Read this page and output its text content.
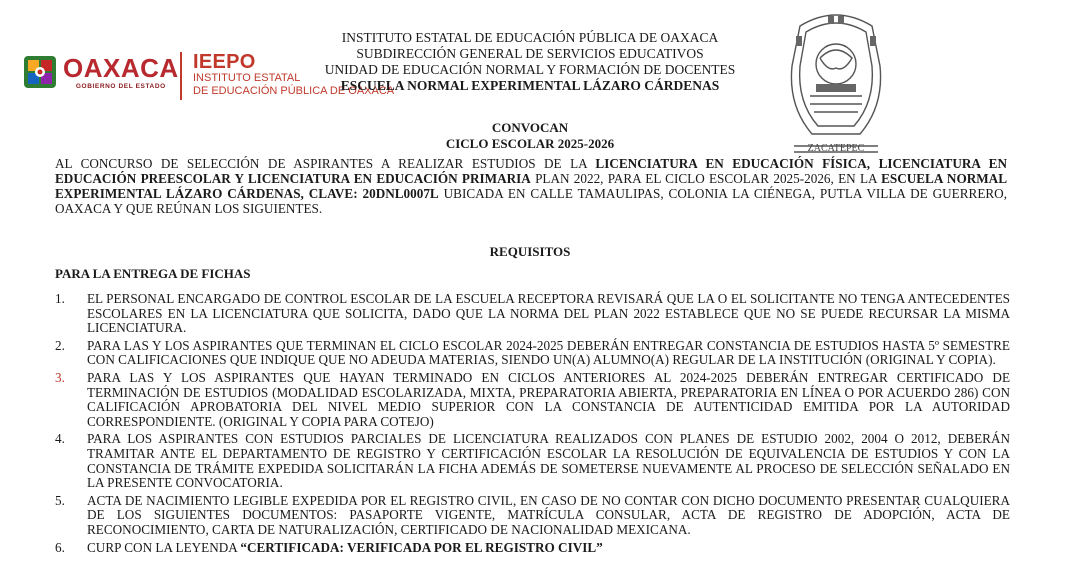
OAXACA
GOBIERNO DEL ESTADO
IEEPO
INSTITUTO ESTATAL
DE EDUCACIÓN PÚBLICA DE OAXACA
ZACATEPEC
INSTITUTO ESTATAL DE EDUCACIÓN PÚBLICA DE OAXACA
SUBDIRECCIÓN GENERAL DE SERVICIOS EDUCATIVOS
UNIDAD DE EDUCACIÓN NORMAL Y FORMACIÓN DE DOCENTES
ESCUELA NORMAL EXPERIMENTAL LÁZARO CÁRDENAS
CONVOCAN
CICLO ESCOLAR 2025-2026
AL CONCURSO DE SELECCIÓN DE ASPIRANTES A REALIZAR ESTUDIOS DE LA LICENCIATURA EN EDUCACIÓN FÍSICA, LICENCIATURA EN EDUCACIÓN PREESCOLAR Y LICENCIATURA EN EDUCACIÓN PRIMARIA PLAN 2022, PARA EL CICLO ESCOLAR 2025-2026, EN LA ESCUELA NORMAL EXPERIMENTAL LÁZARO CÁRDENAS, CLAVE: 20DNL0007L UBICADA EN CALLE TAMAULIPAS, COLONIA LA CIÉNEGA, PUTLA VILLA DE GUERRERO, OAXACA Y QUE REÚNAN LOS SIGUIENTES.
REQUISITOS
PARA LA ENTREGA DE FICHAS
1.	EL PERSONAL ENCARGADO DE CONTROL ESCOLAR DE LA ESCUELA RECEPTORA REVISARÁ QUE LA O EL SOLICITANTE NO TENGA ANTECEDENTES ESCOLARES EN LA LICENCIATURA QUE SOLICITA, DADO QUE LA NORMA DEL PLAN 2022 ESTABLECE QUE NO SE PUEDE RECURSAR LA MISMA LICENCIATURA.
2.	PARA LAS Y LOS ASPIRANTES QUE TERMINAN EL CICLO ESCOLAR 2024-2025 DEBERÁN ENTREGAR CONSTANCIA DE ESTUDIOS HASTA 5º SEMESTRE CON CALIFICACIONES QUE INDIQUE QUE NO ADEUDA MATERIAS, SIENDO UN(A) ALUMNO(A) REGULAR DE LA INSTITUCIÓN (ORIGINAL Y COPIA).
3.	PARA LAS Y LOS ASPIRANTES QUE HAYAN TERMINADO EN CICLOS ANTERIORES AL 2024-2025 DEBERÁN ENTREGAR CERTIFICADO DE TERMINACIÓN DE ESTUDIOS (MODALIDAD ESCOLARIZADA, MIXTA, PREPARATORIA ABIERTA, PREPARATORIA EN LÍNEA O POR ACUERDO 286) CON CALIFICACIÓN APROBATORIA DEL NIVEL MEDIO SUPERIOR CON LA CONSTANCIA DE AUTENTICIDAD EMITIDA POR LA AUTORIDAD CORRESPONDIENTE. (ORIGINAL Y COPIA PARA COTEJO)
4.	PARA LOS ASPIRANTES CON ESTUDIOS PARCIALES DE LICENCIATURA REALIZADOS CON PLANES DE ESTUDIO 2002, 2004 O 2012, DEBERÁN TRAMITAR ANTE EL DEPARTAMENTO DE REGISTRO Y CERTIFICACIÓN ESCOLAR LA RESOLUCIÓN DE EQUIVALENCIA DE ESTUDIOS Y CON LA CONSTANCIA DE TRÁMITE EXPEDIDA SOLICITARÁN LA FICHA ADEMÁS DE SOMETERSE NUEVAMENTE AL PROCESO DE SELECCIÓN SEÑALADO EN LA PRESENTE CONVOCATORIA.
5.	ACTA DE NACIMIENTO LEGIBLE EXPEDIDA POR EL REGISTRO CIVIL, EN CASO DE NO CONTAR CON DICHO DOCUMENTO PRESENTAR CUALQUIERA DE LOS SIGUIENTES DOCUMENTOS: PASAPORTE VIGENTE, MATRÍCULA CONSULAR, ACTA DE REGISTRO DE ADOPCIÓN, ACTA DE RECONOCIMIENTO, CARTA DE NATURALIZACIÓN, CERTIFICADO DE NACIONALIDAD MEXICANA.
6.	CURP CON LA LEYENDA “CERTIFICADA: VERIFICADA POR EL REGISTRO CIVIL”
